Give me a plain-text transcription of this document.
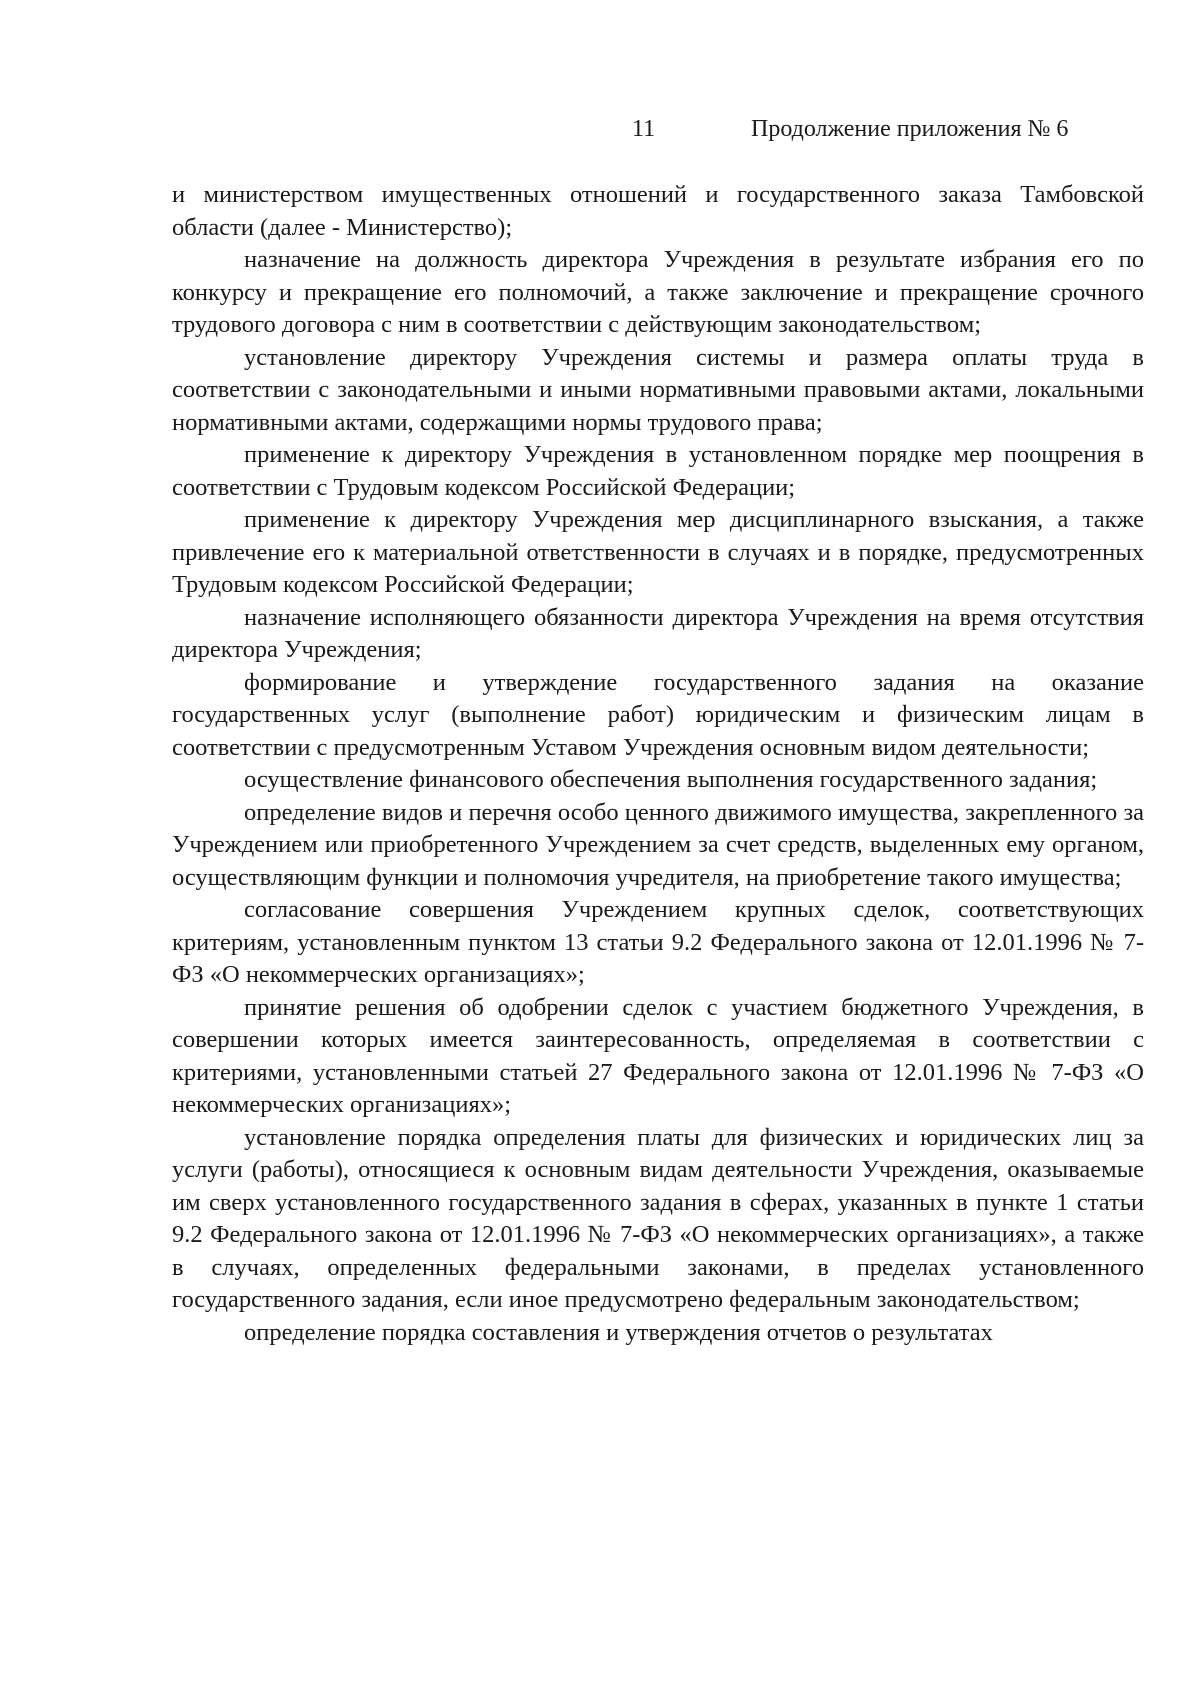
11	Продолжение приложения № 6

и министерством имущественных отношений и государственного заказа Тамбовской области (далее - Министерство);

назначение на должность директора Учреждения в результате избрания его по конкурсу и прекращение его полномочий, а также заключение и прекращение срочного трудового договора с ним в соответствии с действующим законодательством;

установление директору Учреждения системы и размера оплаты труда в соответствии с законодательными и иными нормативными правовыми актами, локальными нормативными актами, содержащими нормы трудового права;

применение к директору Учреждения в установленном порядке мер поощрения в соответствии с Трудовым кодексом Российской Федерации;

применение к директору Учреждения мер дисциплинарного взыскания, а также привлечение его к материальной ответственности в случаях и в порядке, предусмотренных Трудовым кодексом Российской Федерации;

назначение исполняющего обязанности директора Учреждения на время отсутствия директора Учреждения;

формирование и утверждение государственного задания на оказание государственных услуг (выполнение работ) юридическим и физическим лицам в соответствии с предусмотренным Уставом Учреждения основным видом деятельности;

осуществление финансового обеспечения выполнения государственного задания;

определение видов и перечня особо ценного движимого имущества, закрепленного за Учреждением или приобретенного Учреждением за счет средств, выделенных ему органом, осуществляющим функции и полномочия учредителя, на приобретение такого имущества;

согласование совершения Учреждением крупных сделок, соответствующих критериям, установленным пунктом 13 статьи 9.2 Федерального закона от 12.01.1996 № 7-ФЗ «О некоммерческих организациях»;

принятие решения об одобрении сделок с участием бюджетного Учреждения, в совершении которых имеется заинтересованность, определяемая в соответствии с критериями, установленными статьей 27 Федерального закона от 12.01.1996 № 7-ФЗ «О некоммерческих организациях»;

установление порядка определения платы для физических и юридических лиц за услуги (работы), относящиеся к основным видам деятельности Учреждения, оказываемые им сверх установленного государственного задания в сферах, указанных в пункте 1 статьи 9.2 Федерального закона от 12.01.1996 № 7-ФЗ «О некоммерческих организациях», а также в случаях, определенных федеральными законами, в пределах установленного государственного задания, если иное предусмотрено федеральным законодательством;

определение порядка составления и утверждения отчетов о результатах
